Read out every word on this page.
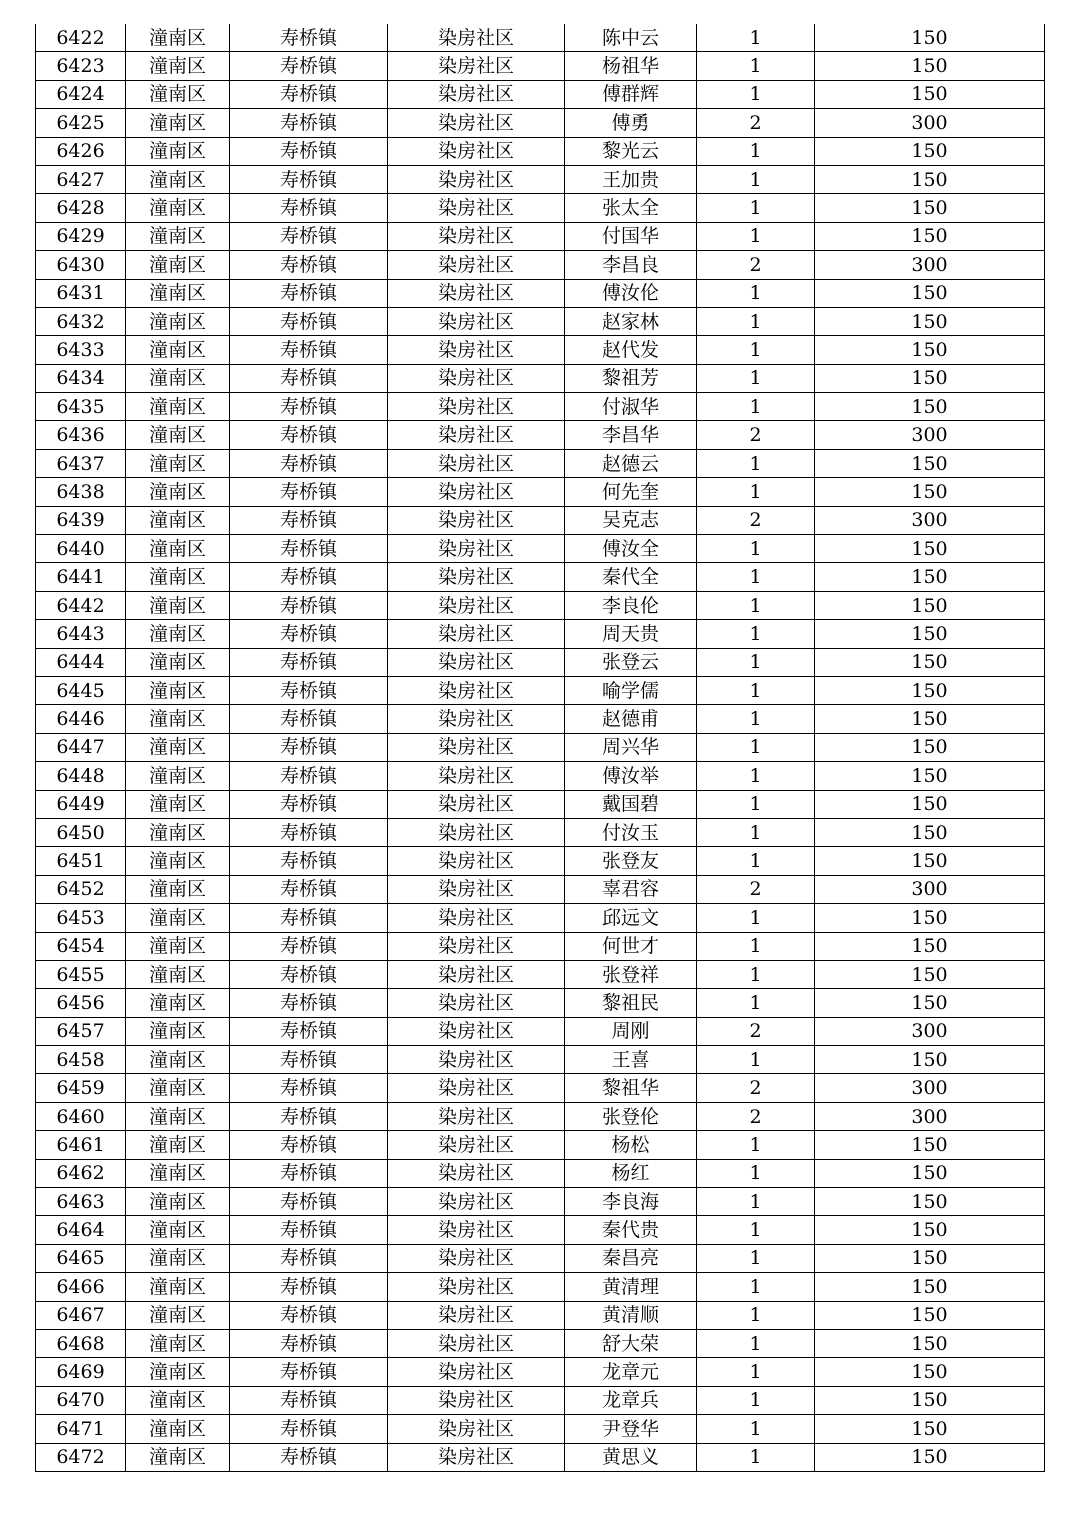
6422	潼南区	寿桥镇	染房社区	陈中云	1	150
6423	潼南区	寿桥镇	染房社区	杨祖华	1	150
6424	潼南区	寿桥镇	染房社区	傅群辉	1	150
6425	潼南区	寿桥镇	染房社区	傅勇	2	300
6426	潼南区	寿桥镇	染房社区	黎光云	1	150
6427	潼南区	寿桥镇	染房社区	王加贵	1	150
6428	潼南区	寿桥镇	染房社区	张太全	1	150
6429	潼南区	寿桥镇	染房社区	付国华	1	150
6430	潼南区	寿桥镇	染房社区	李昌良	2	300
6431	潼南区	寿桥镇	染房社区	傅汝伦	1	150
6432	潼南区	寿桥镇	染房社区	赵家林	1	150
6433	潼南区	寿桥镇	染房社区	赵代发	1	150
6434	潼南区	寿桥镇	染房社区	黎祖芳	1	150
6435	潼南区	寿桥镇	染房社区	付淑华	1	150
6436	潼南区	寿桥镇	染房社区	李昌华	2	300
6437	潼南区	寿桥镇	染房社区	赵德云	1	150
6438	潼南区	寿桥镇	染房社区	何先奎	1	150
6439	潼南区	寿桥镇	染房社区	吴克志	2	300
6440	潼南区	寿桥镇	染房社区	傅汝全	1	150
6441	潼南区	寿桥镇	染房社区	秦代全	1	150
6442	潼南区	寿桥镇	染房社区	李良伦	1	150
6443	潼南区	寿桥镇	染房社区	周天贵	1	150
6444	潼南区	寿桥镇	染房社区	张登云	1	150
6445	潼南区	寿桥镇	染房社区	喻学儒	1	150
6446	潼南区	寿桥镇	染房社区	赵德甫	1	150
6447	潼南区	寿桥镇	染房社区	周兴华	1	150
6448	潼南区	寿桥镇	染房社区	傅汝举	1	150
6449	潼南区	寿桥镇	染房社区	戴国碧	1	150
6450	潼南区	寿桥镇	染房社区	付汝玉	1	150
6451	潼南区	寿桥镇	染房社区	张登友	1	150
6452	潼南区	寿桥镇	染房社区	辜君容	2	300
6453	潼南区	寿桥镇	染房社区	邱远文	1	150
6454	潼南区	寿桥镇	染房社区	何世才	1	150
6455	潼南区	寿桥镇	染房社区	张登祥	1	150
6456	潼南区	寿桥镇	染房社区	黎祖民	1	150
6457	潼南区	寿桥镇	染房社区	周刚	2	300
6458	潼南区	寿桥镇	染房社区	王喜	1	150
6459	潼南区	寿桥镇	染房社区	黎祖华	2	300
6460	潼南区	寿桥镇	染房社区	张登伦	2	300
6461	潼南区	寿桥镇	染房社区	杨松	1	150
6462	潼南区	寿桥镇	染房社区	杨红	1	150
6463	潼南区	寿桥镇	染房社区	李良海	1	150
6464	潼南区	寿桥镇	染房社区	秦代贵	1	150
6465	潼南区	寿桥镇	染房社区	秦昌亮	1	150
6466	潼南区	寿桥镇	染房社区	黄清理	1	150
6467	潼南区	寿桥镇	染房社区	黄清顺	1	150
6468	潼南区	寿桥镇	染房社区	舒大荣	1	150
6469	潼南区	寿桥镇	染房社区	龙章元	1	150
6470	潼南区	寿桥镇	染房社区	龙章兵	1	150
6471	潼南区	寿桥镇	染房社区	尹登华	1	150
6472	潼南区	寿桥镇	染房社区	黄思义	1	150
